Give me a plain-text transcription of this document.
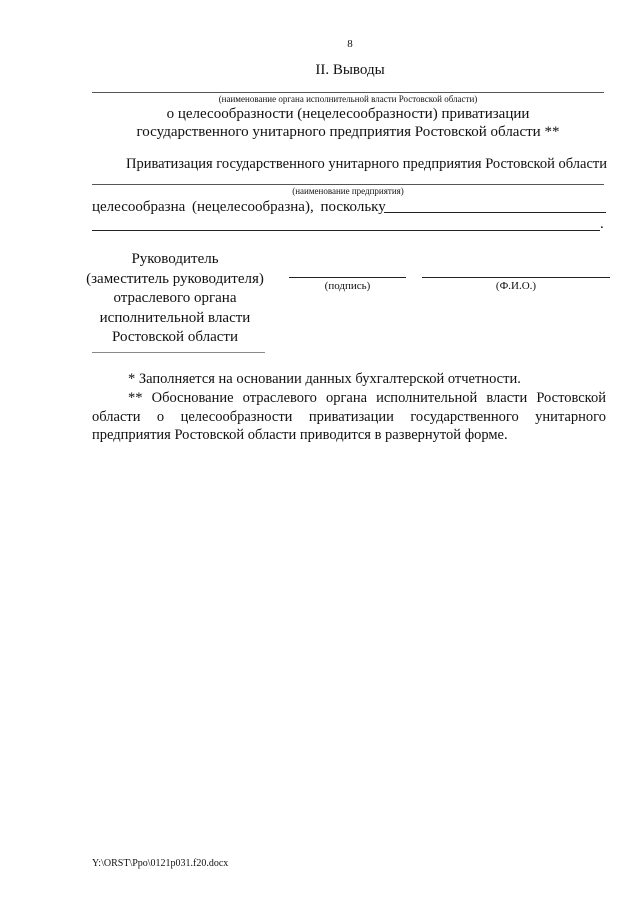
8
II. Выводы
(наименование органа исполнительной власти Ростовской области)
о целесообразности (нецелесообразности) приватизации
государственного унитарного предприятия Ростовской области **
Приватизация государственного унитарного предприятия Ростовской области
(наименование предприятия)
целесообразна (нецелесообразна), поскольку
.
Руководитель
(заместитель руководителя)
отраслевого органа
исполнительной власти
Ростовской области
(подпись)	(Ф.И.О.)
* Заполняется на основании данных бухгалтерской отчетности.
** Обоснование отраслевого органа исполнительной власти Ростовской области о целесообразности приватизации государственного унитарного предприятия Ростовской области приводится в развернутой форме.
Y:\ORST\Ppo\0121p031.f20.docx
